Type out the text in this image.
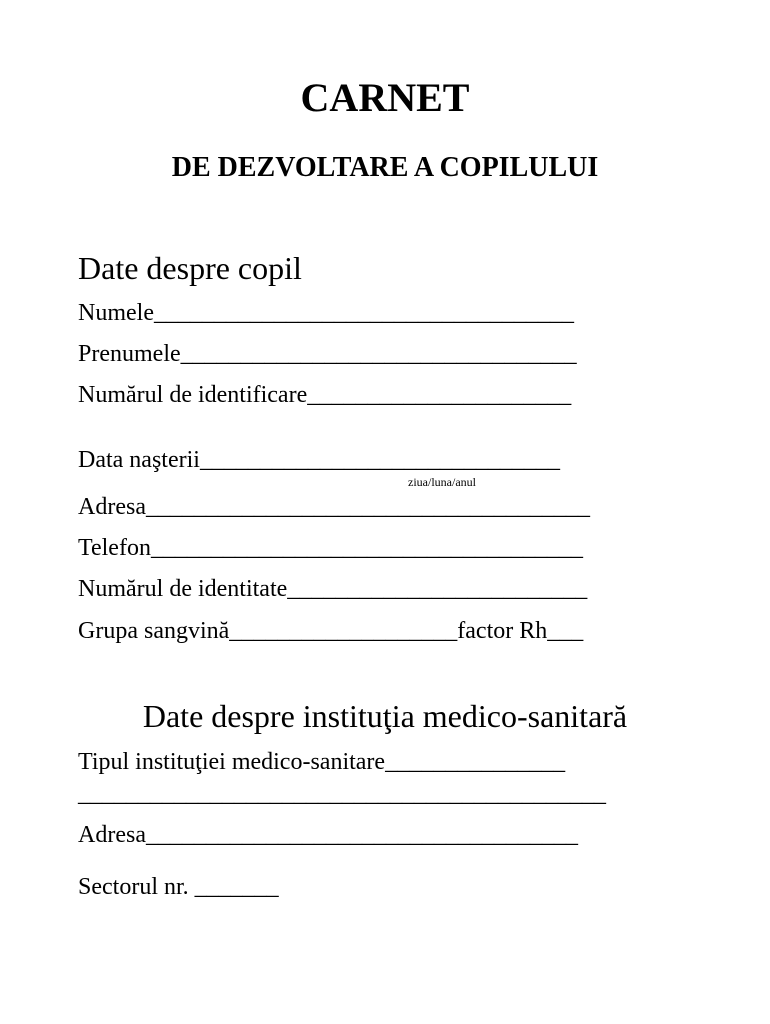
CARNET
DE DEZVOLTARE A COPILULUI
Date despre copil
Numele___________________________________
Prenumele_________________________________
Numărul de identificare______________________
Data naşterii______________________________
ziua/luna/anul
Adresa_____________________________________
Telefon____________________________________
Numărul de identitate_________________________
Grupa sangvină___________________factor Rh___
Date despre instituţia medico-sanitară
Tipul instituţiei medico-sanitare_______________
____________________________________________
Adresa____________________________________
Sectorul nr. _______
